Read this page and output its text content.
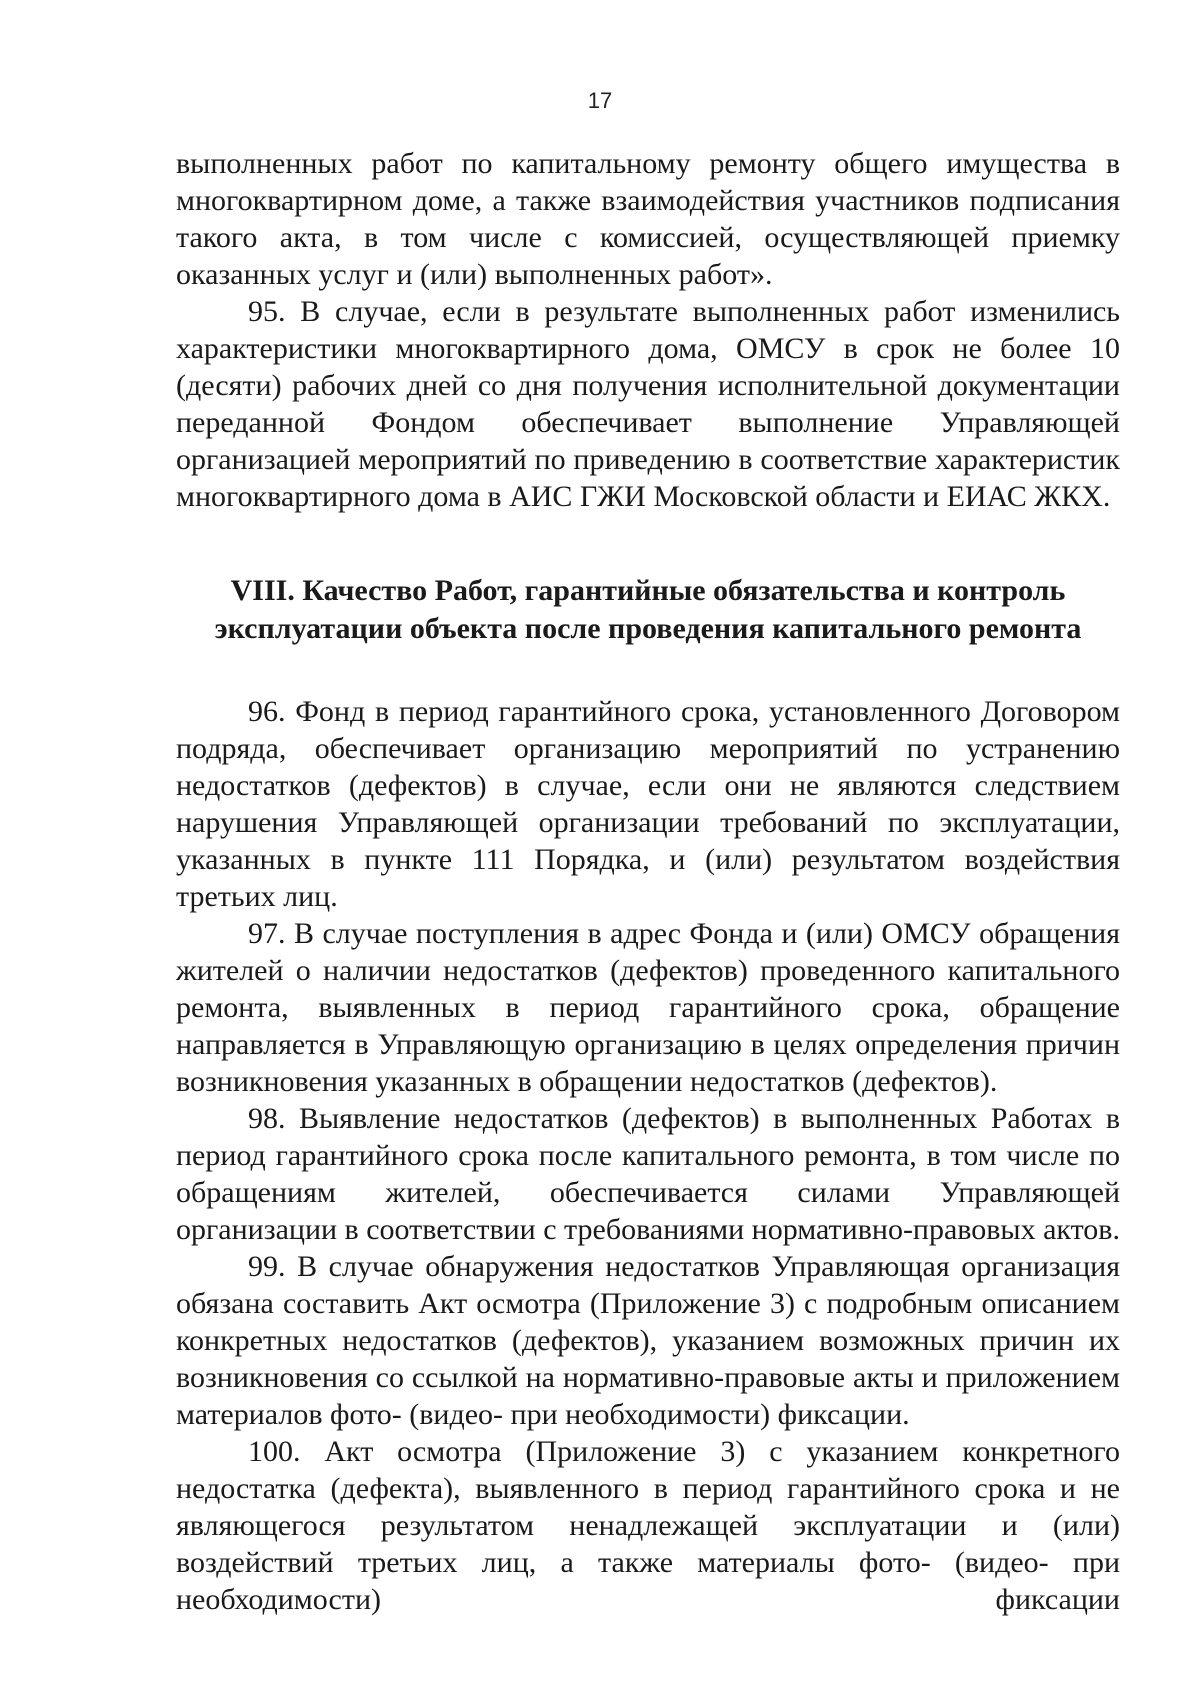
17

выполненных работ по капитальному ремонту общего имущества в многоквартирном доме, а также взаимодействия участников подписания такого акта, в том числе с комиссией, осуществляющей приемку оказанных услуг и (или) выполненных работ».

95. В случае, если в результате выполненных работ изменились характеристики многоквартирного дома, ОМСУ в срок не более 10 (десяти) рабочих дней со дня получения исполнительной документации переданной Фондом обеспечивает выполнение Управляющей организацией мероприятий по приведению в соответствие характеристик многоквартирного дома в АИС ГЖИ Московской области и ЕИАС ЖКХ.

VIII. Качество Работ, гарантийные обязательства и контроль
эксплуатации объекта после проведения капитального ремонта

96. Фонд в период гарантийного срока, установленного Договором подряда, обеспечивает организацию мероприятий по устранению недостатков (дефектов) в случае, если они не являются следствием нарушения Управляющей организации требований по эксплуатации, указанных в пункте 111 Порядка, и (или) результатом воздействия третьих лиц.

97. В случае поступления в адрес Фонда и (или) ОМСУ обращения жителей о наличии недостатков (дефектов) проведенного капитального ремонта, выявленных в период гарантийного срока, обращение направляется в Управляющую организацию в целях определения причин возникновения указанных в обращении недостатков (дефектов).

98. Выявление недостатков (дефектов) в выполненных Работах в период гарантийного срока после капитального ремонта, в том числе по обращениям жителей, обеспечивается силами Управляющей организации в соответствии с требованиями нормативно-правовых актов.

99. В случае обнаружения недостатков Управляющая организация обязана составить Акт осмотра (Приложение 3) с подробным описанием конкретных недостатков (дефектов), указанием возможных причин их возникновения со ссылкой на нормативно-правовые акты и приложением материалов фото- (видео- при необходимости) фиксации.

100. Акт осмотра (Приложение 3) с указанием конкретного недостатка (дефекта), выявленного в период гарантийного срока и не являющегося результатом ненадлежащей эксплуатации и (или) воздействий третьих лиц, а также материалы фото- (видео- при необходимости) фиксации
